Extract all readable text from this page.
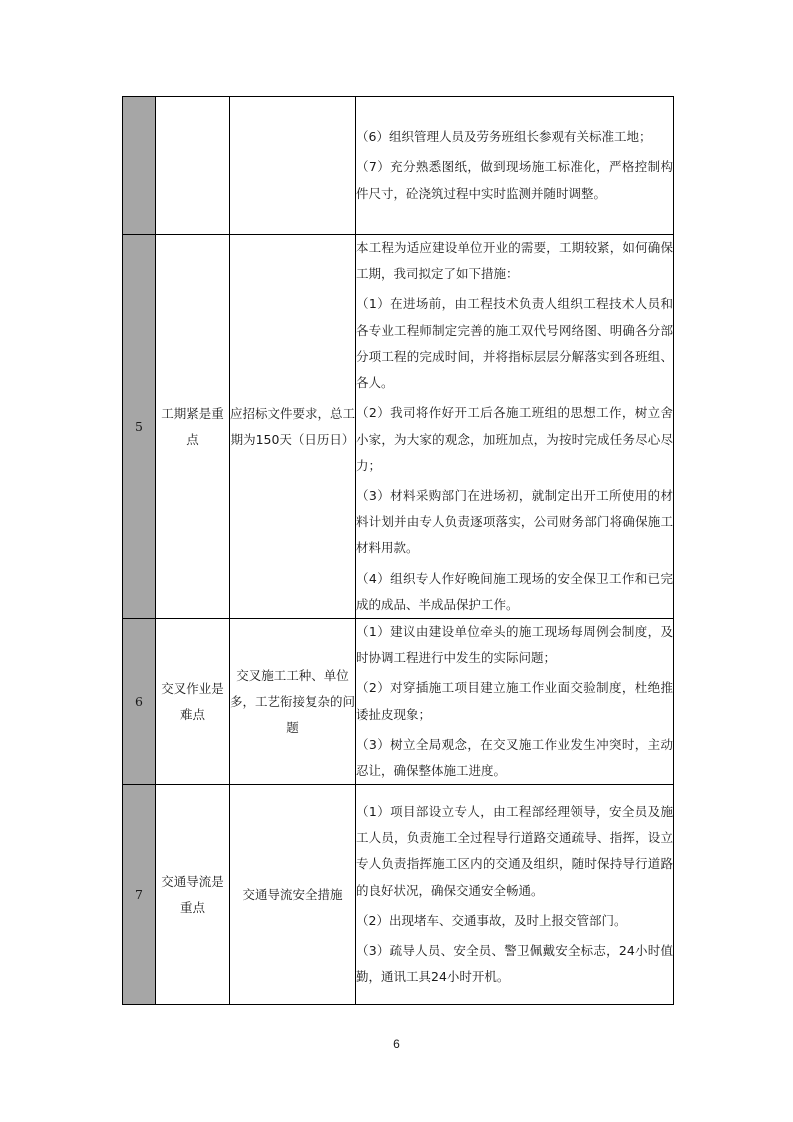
			（6）组织管理人员及劳务班组长参观有关标准工地；

（7）充分熟悉图纸，做到现场施工标准化，严格控制构件尺寸，砼浇筑过程中实时监测并随时调整。

5	工期紧是重点	应招标文件要求，总工期为150天（日历日）	本工程为适应建设单位开业的需要，工期较紧，如何确保工期，我司拟定了如下措施：

（1）在进场前，由工程技术负责人组织工程技术人员和各专业工程师制定完善的施工双代号网络图、明确各分部分项工程的完成时间，并将指标层层分解落实到各班组、各人。

（2）我司将作好开工后各施工班组的思想工作，树立舍小家，为大家的观念，加班加点，为按时完成任务尽心尽力；

（3）材料采购部门在进场初，就制定出开工所使用的材料计划并由专人负责逐项落实，公司财务部门将确保施工材料用款。

（4）组织专人作好晚间施工现场的安全保卫工作和已完成的成品、半成品保护工作。

6	交叉作业是难点	交叉施工工种、单位多，工艺衔接复杂的问题	（1）建议由建设单位牵头的施工现场每周例会制度，及时协调工程进行中发生的实际问题；

（2）对穿插施工项目建立施工作业面交验制度，杜绝推诿扯皮现象；

（3）树立全局观念，在交叉施工作业发生冲突时，主动忍让，确保整体施工进度。

7	交通导流是重点	交通导流安全措施	（1）项目部设立专人，由工程部经理领导，安全员及施工人员，负责施工全过程导行道路交通疏导、指挥，设立专人负责指挥施工区内的交通及组织，随时保持导行道路的良好状况，确保交通安全畅通。

（2）出现堵车、交通事故，及时上报交管部门。

（3）疏导人员、安全员、警卫佩戴安全标志，24小时值勤，通讯工具24小时开机。

6
